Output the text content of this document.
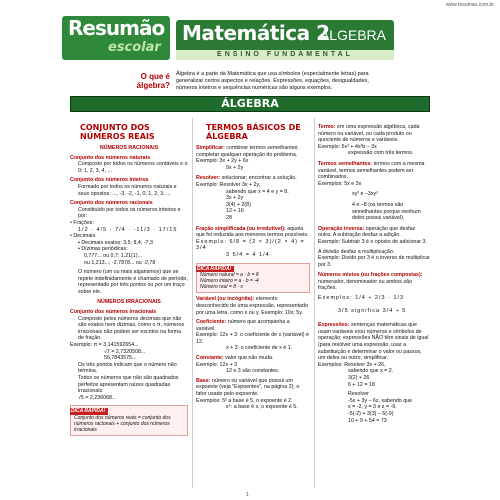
www.resumao.com.br
Resumão
escolar
Matemática 2
ÁLGEBRA
ENSINO FUNDAMENTAL
O que é álgebra?
Álgebra é a parte da Matemática que usa símbolos (especialmente letras) para generalizar certos aspectos e relações. Expressões, equações, desigualdades, números inteiros e sequências numéricas são alguns exemplos.
ÁLGEBRA
CONJUNTO DOS NÚMEROS REAIS

NÚMEROS RACIONAIS

Conjunto dos números naturais

Composto por todos os números contáveis e o 0; 1, 2, 3, 4, ...

Conjunto dos números inteiros

Formado por todos os números naturais e seus opostos: ..., -3, -2, -1, 0, 1, 2, 3, ...

Conjunto dos números racionais

Constituído por todos os números inteiros e por:

• Frações:

1/2 · 4/5 · 7/4 · -11/3 · 17/15

• Decimais:

▪ Decimais exatos: 3,5; 8,4; -7,3

▪ Dízimas periódicas:

0,777... ou 0,7; 1,21(1)...

ou 1,213...; -2,7878... ou -2,78

O número (um ou mais algarismos) que se repete indefinidamente é chamado de período, representado por três pontos ou por um traço sobre ele.

NÚMEROS IRRACIONAIS

Conjunto dos números irracionais

Composto pelos números decimais que não são exatos nem dízimas, como o π, números irracionais não podem ser escritos na forma de fração.

Exemplo: π = 3,141592654...

√7 = 2,7320508...

56,7843575...

Os três pontos indicam que o número não termina.

Todos os números que não são quadrados perfeitos apresentam raízes quadradas irracionais:

√5 = 2,236068...

DICA RÁPIDA!

Conjunto dos números reais = conjunto dos números racionais + conjunto dos números irracionais

TERMOS BÁSICOS DE ÁLGEBRA

Simplificar: combinar termos semelhantes; completar qualquer operação do problema.

Exemplo: 3x + 2y + 6x

9x + 2y

Resolver: solucionar; encontrar a solução.

Exemplo: Resolver 3x + 2y,

sabendo que x = 4 e y = 8.

3x + 2y

3(4) + 2(8)

12 + 16

28

Fração simplificada (ou irredutível): aquela que foi reduzida aos menores termos possíveis.

Exemplo: 6/8 = (2 × 3)/(2 × 4) = 3/4

3 5/4 = 4 1/4

DICA RÁPIDA!

Número natural = a · b = 8

Número inteiro = a · b = -4

Número real = 8 · x

Variável (ou incógnita): elemento desconhecido de uma expressão, representado por uma letra, como x ou y. Exemplo: 10x; 5y.

Coeficiente: número que acompanha a variável.

Exemplo: 12x + 3: o coeficiente de x (variável) é 12.

x + 3: o coeficiente de x é 1.

Constante: valor que não muda.

Exemplo: 12x + 3

12 e 3 são constantes.

Base: número ou variável que possui um expoente (veja "Expoentes", na página 2); o fator usado pelo expoente.

Exemplos: 5² a base é 5, o expoente é 2.

x⁵: a base é x, o expoente é 5.

Termo: em uma expressão algébrica, cada número ou variável, ou cada produto ou quociente de números e variáveis.

Exemplo: 5x³ + 4x²b – 3x

expressão com três termos.

Termos semelhantes: termos com a mesma variável, termos semelhantes podem ser combinados.

Exemplos: 5x e 3x

xy² e –3xy²

4 e –8 (os termos são semelhantes porque nenhum deles possui variável).

Operação inversa: operação que desfaz outra. A subtração desfaz a adição.

Exemplo: Subtrair 3 é o oposto de adicionar 3.

A divisão desfaz a multiplicação.

Exemplo: Dividir por 3 é o inverso de multiplicar por 3.

Números mistos (ou frações compostas): numerador, denominador ou ambos são frações.

Exemplos: 1/4 ÷ 2/3 · 1/3

3/5 significa 3/4 ÷ 5

Expressões: sentenças matemáticas que usam variáveis e/ou números e símbolos de operação; expressões NÃO têm sinais de igual (para resolver uma expressão, usar a substituição e determinar o valor ou passos, um deles ou outro; simplificar.

Exemplos: Resolver 3x + 26,

sabendo que x = 2.

3(2) + 26

6 + 12 = 18

Resolver

-5x + 3y – 6z, sabendo que

x = -2, y = 3 e z = -9.

-5(-2) + 3(3) – 6(-9)

10 + 9 + 54 = 73

1
